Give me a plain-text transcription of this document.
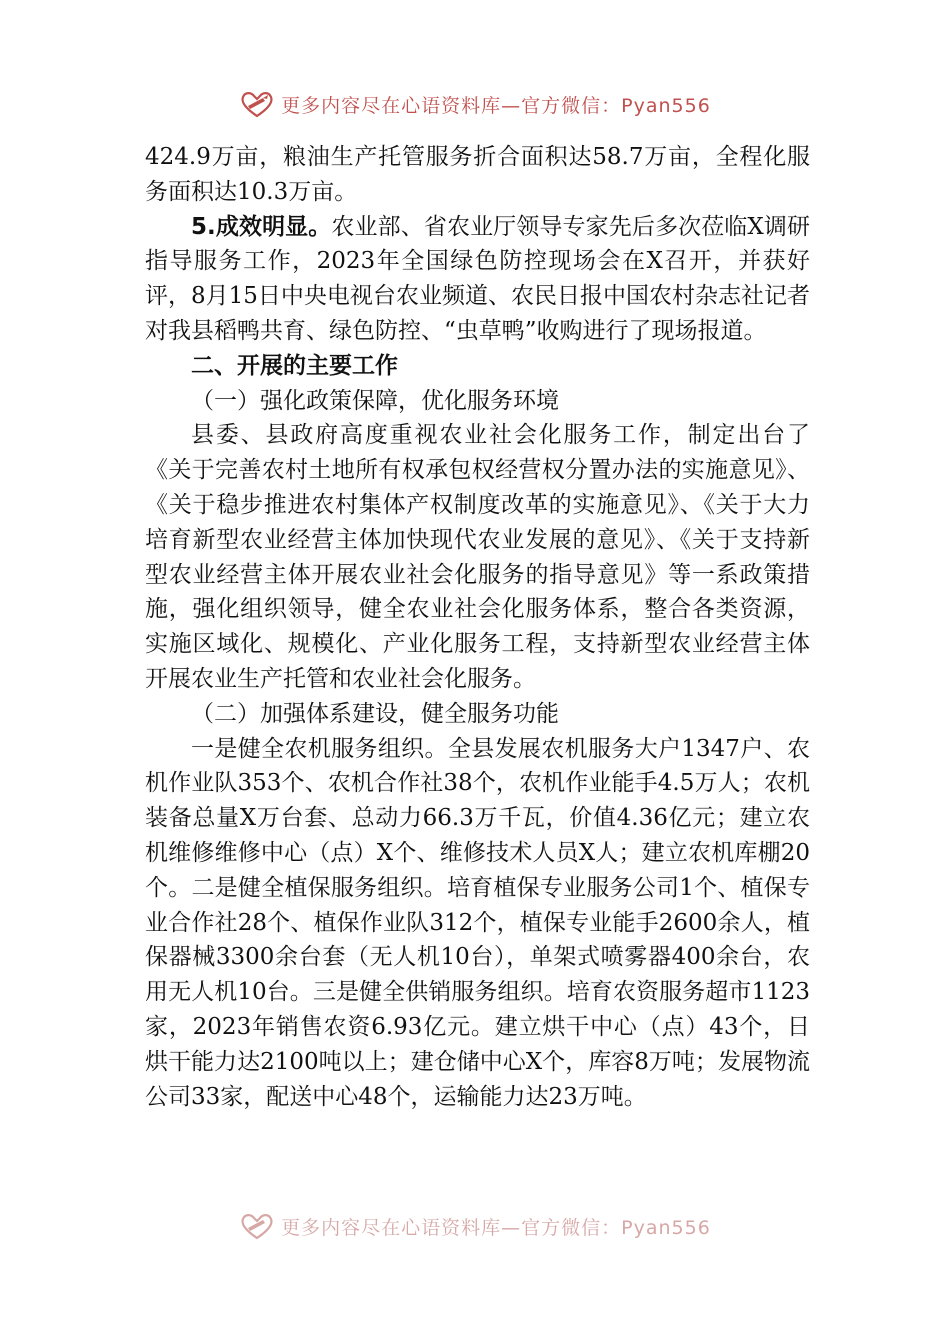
更多内容尽在心语资料库—官方微信：Pyan556

424.9万亩，粮油生产托管服务折合面积达58.7万亩，全程化服务面积达10.3万亩。

5.成效明显。农业部、省农业厅领导专家先后多次莅临X调研指导服务工作，2023年全国绿色防控现场会在X召开，并获好评，8月15日中央电视台农业频道、农民日报中国农村杂志社记者对我县稻鸭共育、绿色防控、“虫草鸭”收购进行了现场报道。

二、开展的主要工作

（一）强化政策保障，优化服务环境

县委、县政府高度重视农业社会化服务工作，制定出台了《关于完善农村土地所有权承包权经营权分置办法的实施意见》、《关于稳步推进农村集体产权制度改革的实施意见》、《关于大力培育新型农业经营主体加快现代农业发展的意见》、《关于支持新型农业经营主体开展农业社会化服务的指导意见》等一系政策措施，强化组织领导，健全农业社会化服务体系，整合各类资源，实施区域化、规模化、产业化服务工程，支持新型农业经营主体开展农业生产托管和农业社会化服务。

（二）加强体系建设，健全服务功能

一是健全农机服务组织。全县发展农机服务大户1347户、农机作业队353个、农机合作社38个，农机作业能手4.5万人；农机装备总量X万台套、总动力66.3万千瓦，价值4.36亿元；建立农机维修维修中心（点）X个、维修技术人员X人；建立农机库棚20个。二是健全植保服务组织。培育植保专业服务公司1个、植保专业合作社28个、植保作业队312个，植保专业能手2600余人，植保器械3300余台套（无人机10台），单架式喷雾器400余台，农用无人机10台。三是健全供销服务组织。培育农资服务超市1123家，2023年销售农资6.93亿元。建立烘干中心（点）43个，日烘干能力达2100吨以上；建仓储中心X个，库容8万吨；发展物流公司33家，配送中心48个，运输能力达23万吨。

更多内容尽在心语资料库—官方微信：Pyan556
